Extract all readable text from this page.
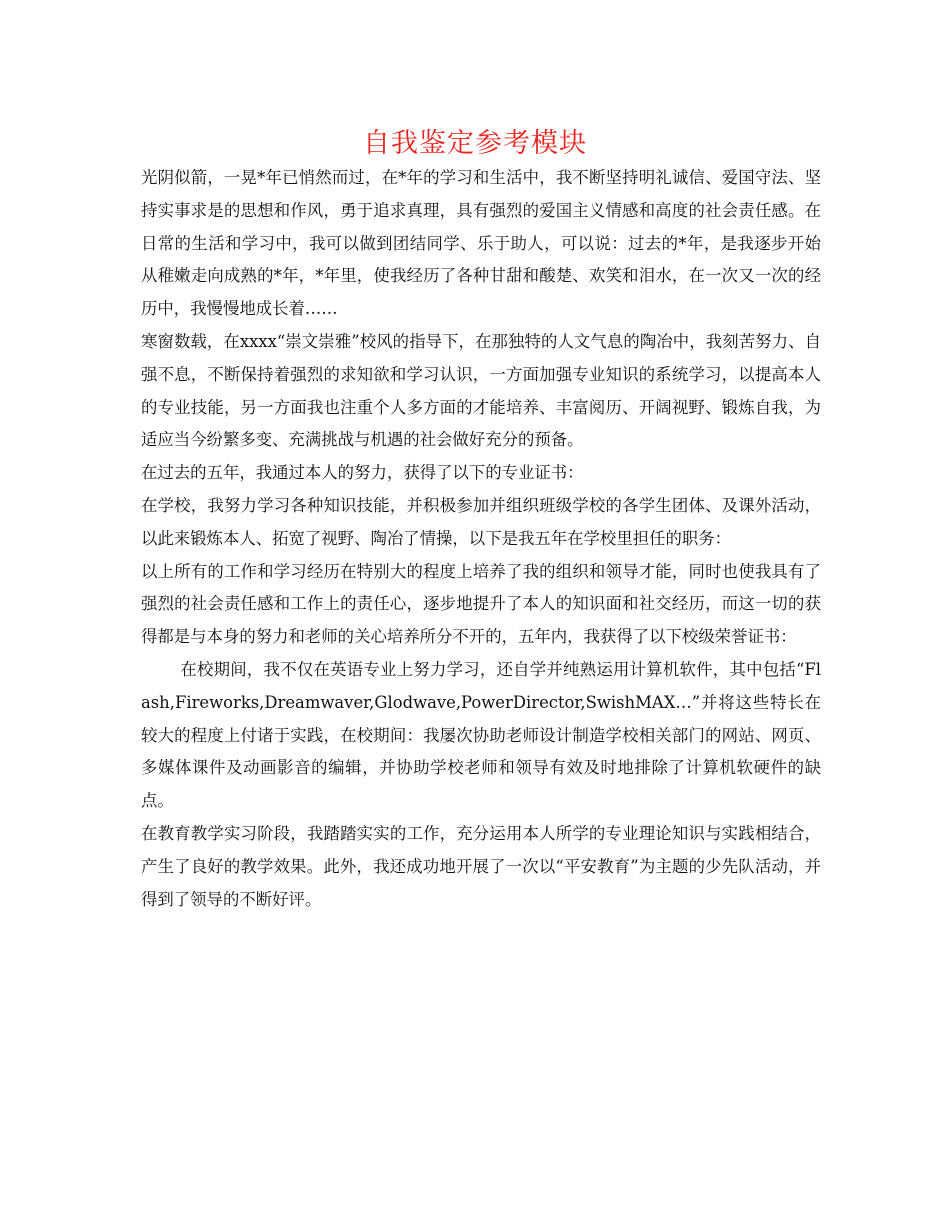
自我鉴定参考模块

光阴似箭，一晃*年已悄然而过，在*年的学习和生活中，我不断坚持明礼诚信、爱国守法、坚持实事求是的思想和作风，勇于追求真理，具有强烈的爱国主义情感和高度的社会责任感。在日常的生活和学习中，我可以做到团结同学、乐于助人，可以说：过去的*年，是我逐步开始从稚嫩走向成熟的*年，*年里，使我经历了各种甘甜和酸楚、欢笑和泪水，在一次又一次的经历中，我慢慢地成长着……

寒窗数载，在xxxx“崇文崇雅”校风的指导下，在那独特的人文气息的陶冶中，我刻苦努力、自强不息，不断保持着强烈的求知欲和学习认识，一方面加强专业知识的系统学习，以提高本人的专业技能，另一方面我也注重个人多方面的才能培养、丰富阅历、开阔视野、锻炼自我，为适应当今纷繁多变、充满挑战与机遇的社会做好充分的预备。

在过去的五年，我通过本人的努力，获得了以下的专业证书：

在学校，我努力学习各种知识技能，并积极参加并组织班级学校的各学生团体、及课外活动，以此来锻炼本人、拓宽了视野、陶冶了情操，以下是我五年在学校里担任的职务：

以上所有的工作和学习经历在特别大的程度上培养了我的组织和领导才能，同时也使我具有了强烈的社会责任感和工作上的责任心，逐步地提升了本人的知识面和社交经历，而这一切的获得都是与本身的努力和老师的关心培养所分不开的，五年内，我获得了以下校级荣誉证书：

在校期间，我不仅在英语专业上努力学习，还自学并纯熟运用计算机软件，其中包括“Flash,Fireworks,Dreamwaver,Glodwave,PowerDirector,SwishMAX…”并将这些特长在较大的程度上付诸于实践，在校期间：我屡次协助老师设计制造学校相关部门的网站、网页、多媒体课件及动画影音的编辑，并协助学校老师和领导有效及时地排除了计算机软硬件的缺点。

在教育教学实习阶段，我踏踏实实的工作，充分运用本人所学的专业理论知识与实践相结合，产生了良好的教学效果。此外，我还成功地开展了一次以“平安教育”为主题的少先队活动，并得到了领导的不断好评。
